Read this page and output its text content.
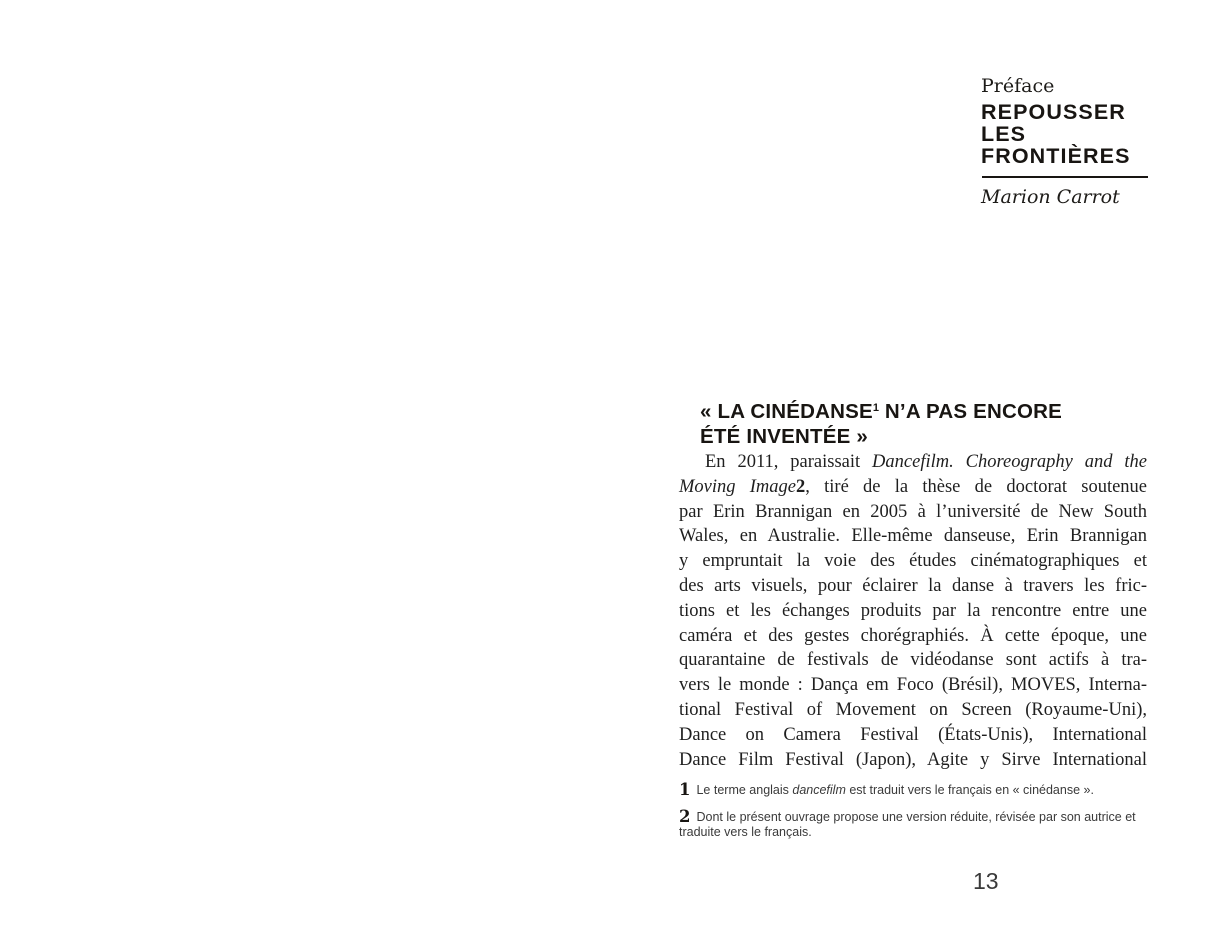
Préface
REPOUSSER
LES
FRONTIÈRES
Marion Carrot
« LA CINÉDANSE$^1$ N’A PAS ENCORE
ÉTÉ INVENTÉE »
En 2011, paraissait Dancefilm. Choreography and the
Moving Image2, tiré de la thèse de doctorat soutenue
par Erin Brannigan en 2005 à l’université de New South
Wales, en Australie. Elle-même danseuse, Erin Brannigan
y empruntait la voie des études cinématographiques et
des arts visuels, pour éclairer la danse à travers les fric-
tions et les échanges produits par la rencontre entre une
caméra et des gestes chorégraphiés. À cette époque, une
quarantaine de festivals de vidéodanse sont actifs à tra-
vers le monde : Dança em Foco (Brésil), MOVES, Interna-
tional Festival of Movement on Screen (Royaume-Uni),
Dance on Camera Festival (États-Unis), International
Dance Film Festival (Japon), Agite y Sirve International
1 Le terme anglais dancefilm est traduit vers le français en « cinédanse ».
2 Dont le présent ouvrage propose une version réduite, révisée par son autrice et
traduite vers le français.
13
